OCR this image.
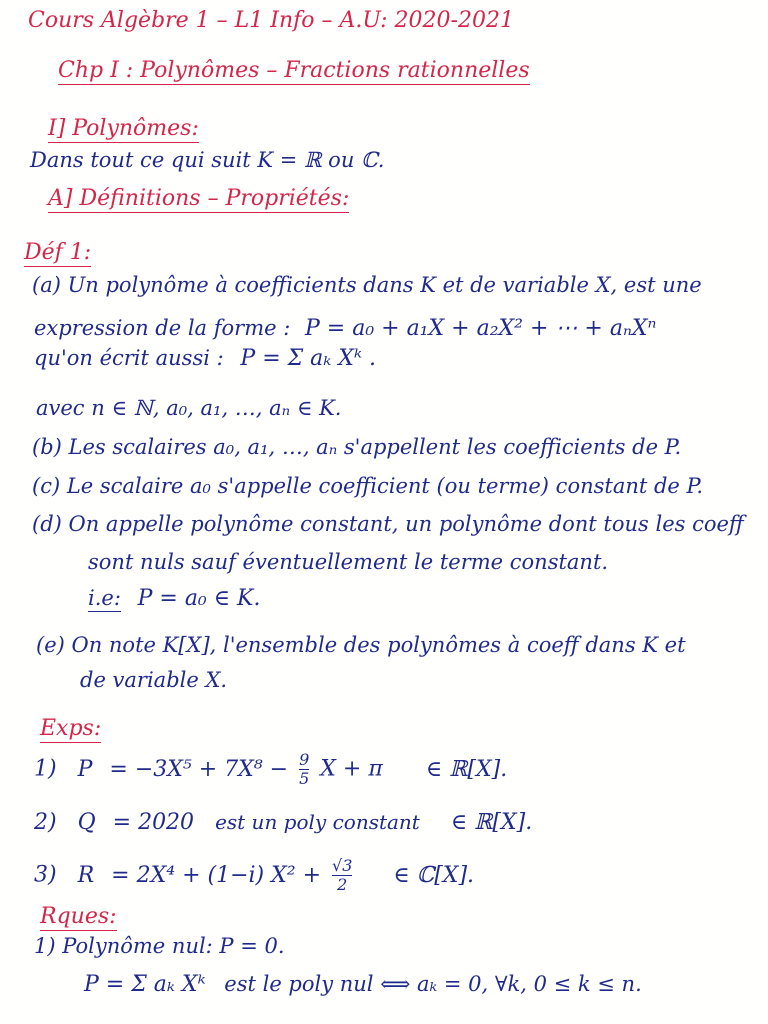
Cours Algèbre 1 – L1 Info – A.U: 2020-2021
Chp I : Polynômes – Fractions rationnelles
I] Polynômes:
Dans tout ce qui suit K = ℝ ou ℂ.
A] Définitions – Propriétés:
Déf 1:
(a) Un polynôme à coefficients dans K et de variable X, est une
expression de la forme : P = a₀ + a₁X + a₂X² + ⋯ + aₙXⁿ
qu'on écrit aussi : P = Σ aₖ Xᵏ .
avec n ∈ ℕ, a₀, a₁, …, aₙ ∈ K.
(b) Les scalaires a₀, a₁, …, aₙ s'appellent les coefficients de P.
(c) Le scalaire a₀ s'appelle coefficient (ou terme) constant de P.
(d) On appelle polynôme constant, un polynôme dont tous les coeff
sont nuls sauf éventuellement le terme constant.
i.e: P = a₀ ∈ K.
(e) On note K[X], l'ensemble des polynômes à coeff dans K et
de variable X.
Exps:
1) $P = -3X^5 + 7X^8 - \frac{9}{5}$ X + π ∈ ℝ[X].
2) Q = 2020 est un poly constant ∈ ℝ[X].
3) R = 2X⁴ + (1−i) $X^2 + \frac{√3}{2}$ ∈ ℂ[X].
Rques:
1) Polynôme nul: P = 0.
P = Σ aₖ Xᵏ est le poly nul ⟺ aₖ = 0, ∀k, 0 ≤ k ≤ n.
